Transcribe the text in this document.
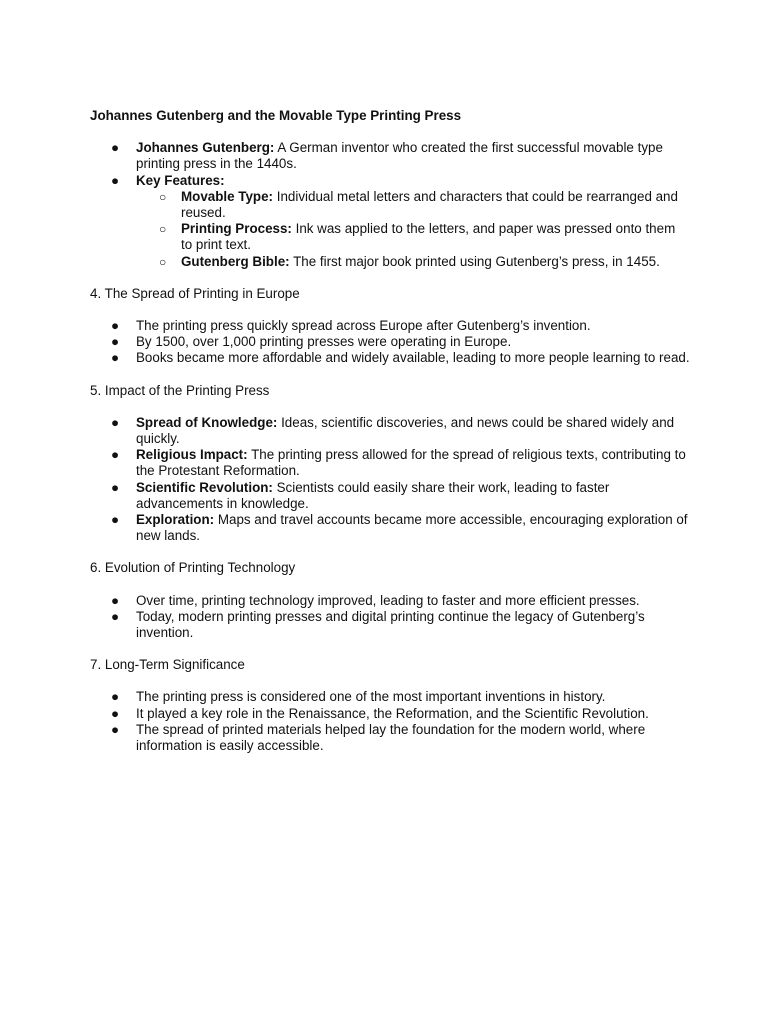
Johannes Gutenberg and the Movable Type Printing Press
● Johannes Gutenberg: A German inventor who created the first successful movable type printing press in the 1440s.
● Key Features:
○ Movable Type: Individual metal letters and characters that could be rearranged and reused.
○ Printing Process: Ink was applied to the letters, and paper was pressed onto them to print text.
○ Gutenberg Bible: The first major book printed using Gutenberg’s press, in 1455.
4. The Spread of Printing in Europe
● The printing press quickly spread across Europe after Gutenberg’s invention.
● By 1500, over 1,000 printing presses were operating in Europe.
● Books became more affordable and widely available, leading to more people learning to read.
5. Impact of the Printing Press
● Spread of Knowledge: Ideas, scientific discoveries, and news could be shared widely and quickly.
● Religious Impact: The printing press allowed for the spread of religious texts, contributing to the Protestant Reformation.
● Scientific Revolution: Scientists could easily share their work, leading to faster advancements in knowledge.
● Exploration: Maps and travel accounts became more accessible, encouraging exploration of new lands.
6. Evolution of Printing Technology
● Over time, printing technology improved, leading to faster and more efficient presses.
● Today, modern printing presses and digital printing continue the legacy of Gutenberg’s invention.
7. Long-Term Significance
● The printing press is considered one of the most important inventions in history.
● It played a key role in the Renaissance, the Reformation, and the Scientific Revolution.
● The spread of printed materials helped lay the foundation for the modern world, where information is easily accessible.
